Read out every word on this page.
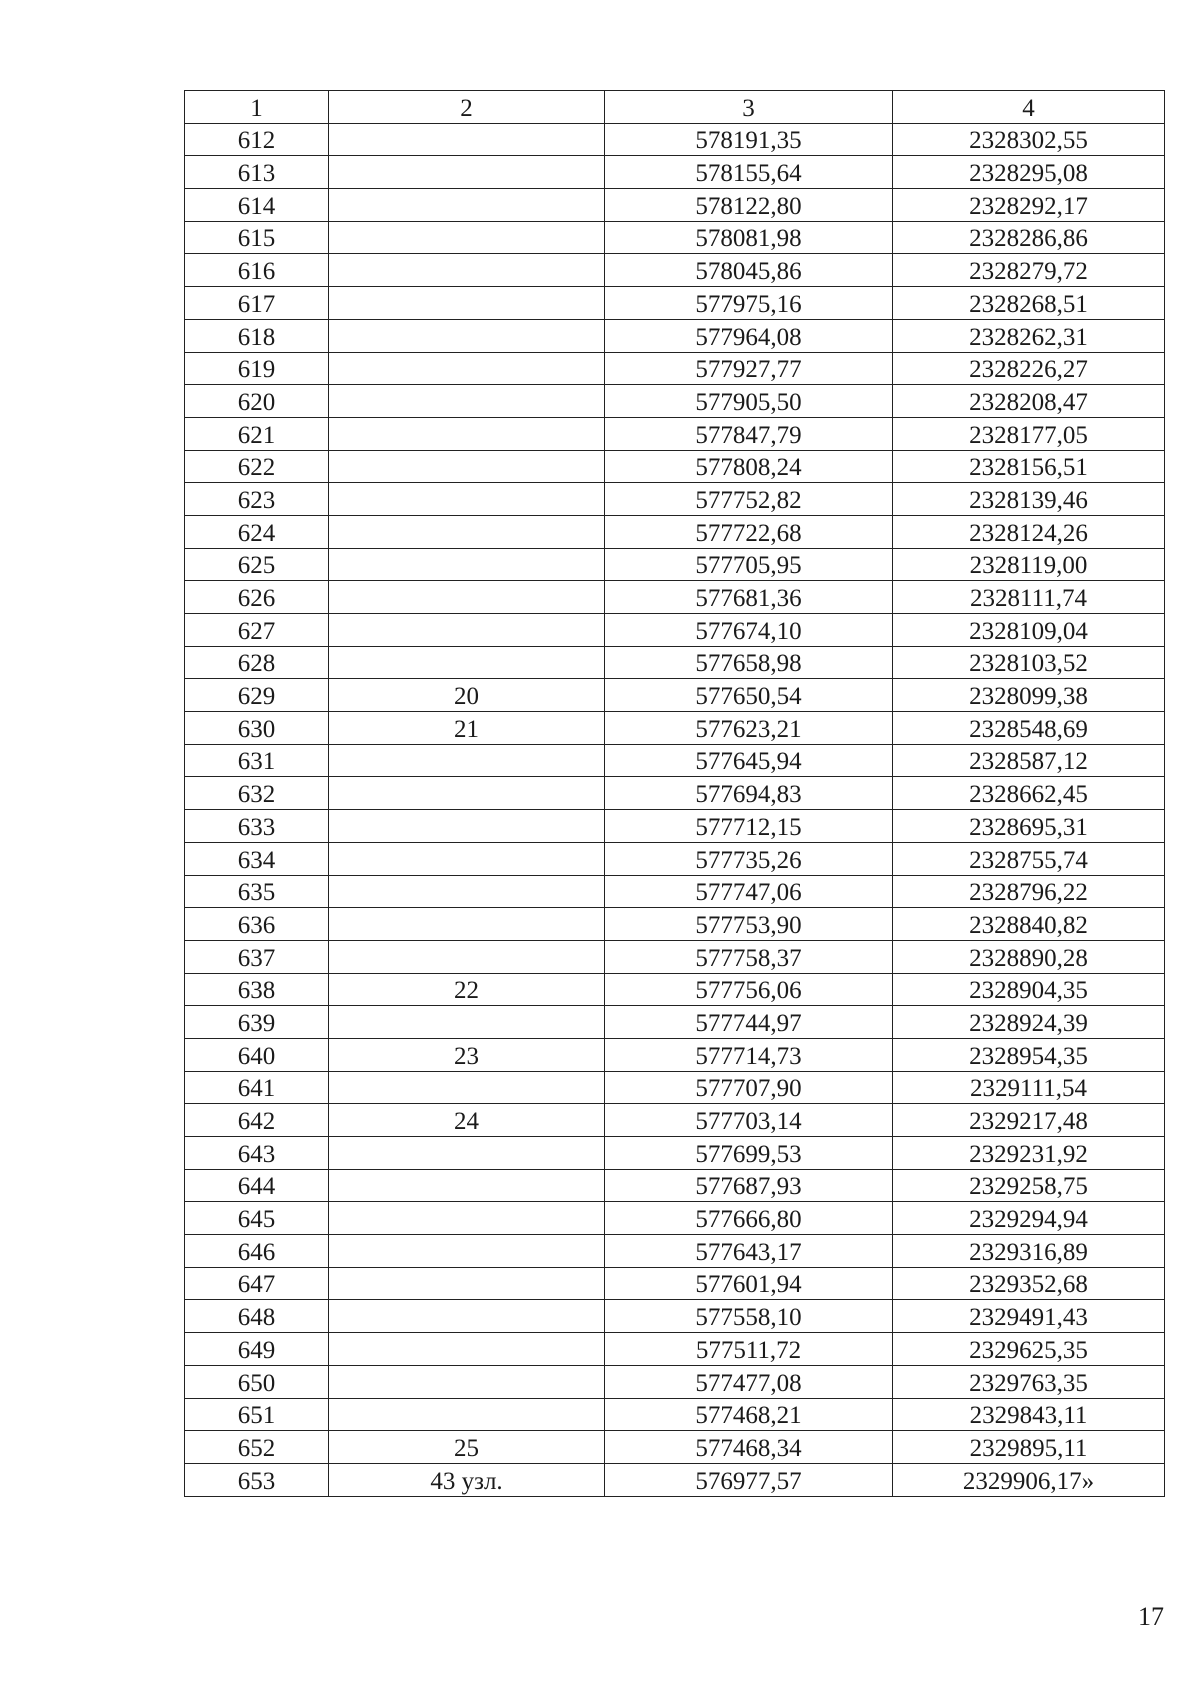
1	2	3	4
612		578191,35	2328302,55
613		578155,64	2328295,08
614		578122,80	2328292,17
615		578081,98	2328286,86
616		578045,86	2328279,72
617		577975,16	2328268,51
618		577964,08	2328262,31
619		577927,77	2328226,27
620		577905,50	2328208,47
621		577847,79	2328177,05
622		577808,24	2328156,51
623		577752,82	2328139,46
624		577722,68	2328124,26
625		577705,95	2328119,00
626		577681,36	2328111,74
627		577674,10	2328109,04
628		577658,98	2328103,52
629	20	577650,54	2328099,38
630	21	577623,21	2328548,69
631		577645,94	2328587,12
632		577694,83	2328662,45
633		577712,15	2328695,31
634		577735,26	2328755,74
635		577747,06	2328796,22
636		577753,90	2328840,82
637		577758,37	2328890,28
638	22	577756,06	2328904,35
639		577744,97	2328924,39
640	23	577714,73	2328954,35
641		577707,90	2329111,54
642	24	577703,14	2329217,48
643		577699,53	2329231,92
644		577687,93	2329258,75
645		577666,80	2329294,94
646		577643,17	2329316,89
647		577601,94	2329352,68
648		577558,10	2329491,43
649		577511,72	2329625,35
650		577477,08	2329763,35
651		577468,21	2329843,11
652	25	577468,34	2329895,11
653	43 узл.	576977,57	2329906,17»
17
